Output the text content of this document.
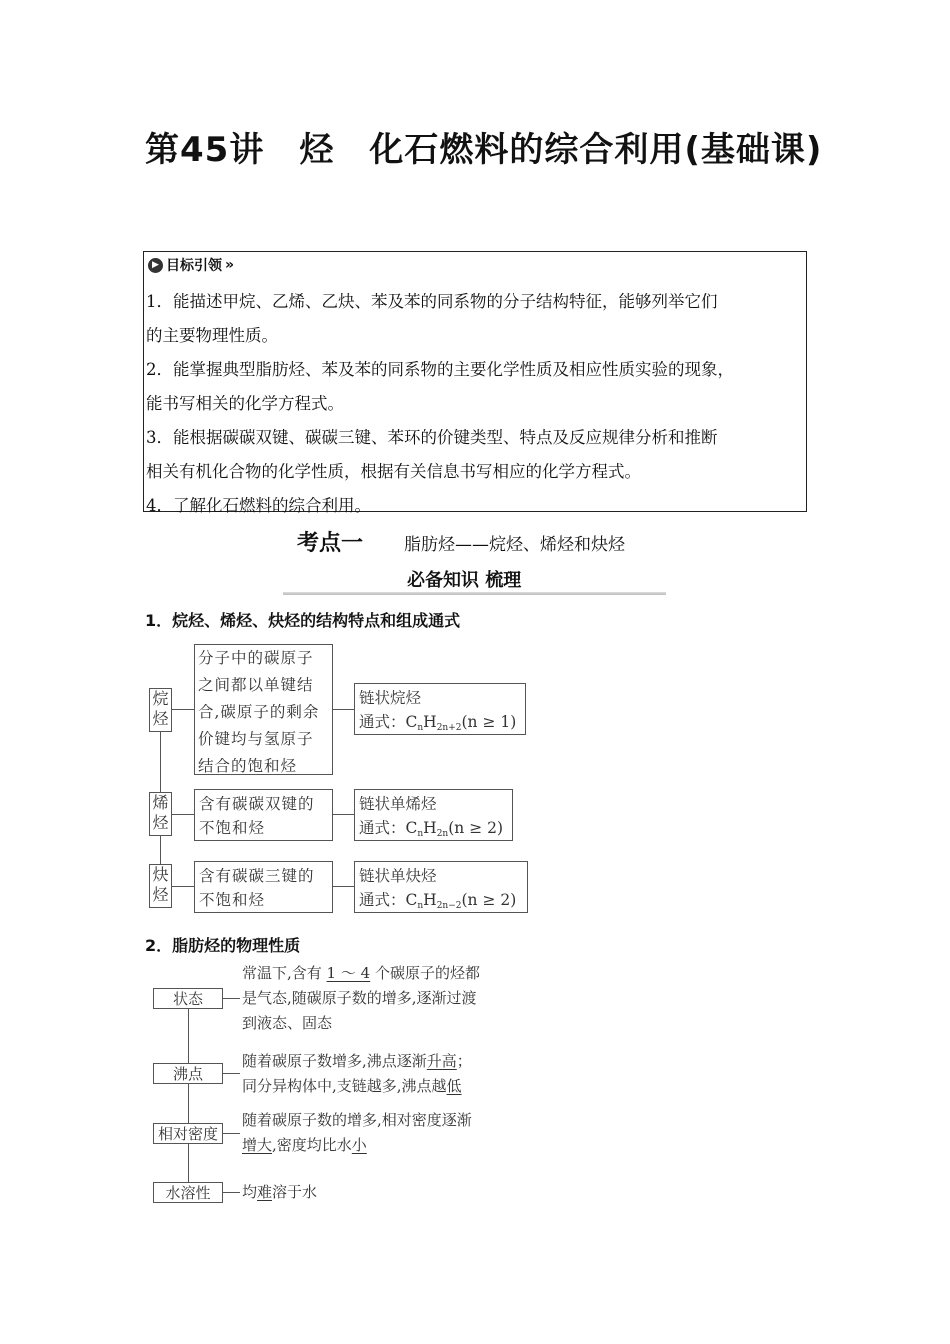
第45讲　烃　化石燃料的综合利用(基础课)
▶ 目标引领 »
1．能描述甲烷、乙烯、乙炔、苯及苯的同系物的分子结构特征，能够列举它们
的主要物理性质。
2．能掌握典型脂肪烃、苯及苯的同系物的主要化学性质及相应性质实验的现象，
能书写相关的化学方程式。
3．能根据碳碳双键、碳碳三键、苯环的价键类型、特点及反应规律分析和推断
相关有机化合物的化学性质，根据有关信息书写相应的化学方程式。
4．了解化石燃料的综合利用。
考点一 脂肪烃——烷烃、烯烃和炔烃
必备知识 梳理
1．烷烃、烯烃、炔烃的结构特点和组成通式
烷烃
分子中的碳原子之间都以单键结合,碳原子的剩余价键均与氢原子结合的饱和烃
链状烷烃
通式：$C_nH_{2n+2}(n \ge 1)$
烯烃
含有碳碳双键的不饱和烃
链状单烯烃
通式：$C_nH_{2n}(n \ge 2)$
炔烃
含有碳碳三键的不饱和烃
链状单炔烃
通式：$C_nH_{2n-2}(n \ge 2)$
2．脂肪烃的物理性质
状态
常温下,含有 1 ～ 4 个碳原子的烃都
是气态,随碳原子数的增多,逐渐过渡
到液态、固态
沸点
随着碳原子数增多,沸点逐渐升高；
同分异构体中,支链越多,沸点越低
相对密度
随着碳原子数的增多,相对密度逐渐
增大,密度均比水小
水溶性	均难溶于水
